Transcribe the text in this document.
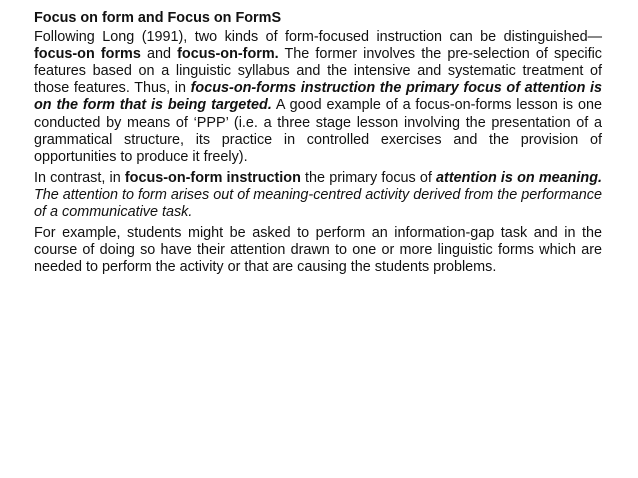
Focus on form and Focus on FormS

Following Long (1991), two kinds of form-focused instruction can be distinguished—focus-on forms and focus-on-form. The former involves the pre-selection of specific features based on a linguistic syllabus and the intensive and systematic treatment of those features. Thus, in focus-on-forms instruction the primary focus of attention is on the form that is being targeted. A good example of a focus-on-forms lesson is one conducted by means of ‘PPP’ (i.e. a three stage lesson involving the presentation of a grammatical structure, its practice in controlled exercises and the provision of opportunities to produce it freely).

In contrast, in focus-on-form instruction the primary focus of attention is on meaning. The attention to form arises out of meaning-centred activity derived from the performance of a communicative task.

For example, students might be asked to perform an information-gap task and in the course of doing so have their attention drawn to one or more linguistic forms which are needed to perform the activity or that are causing the students problems.
